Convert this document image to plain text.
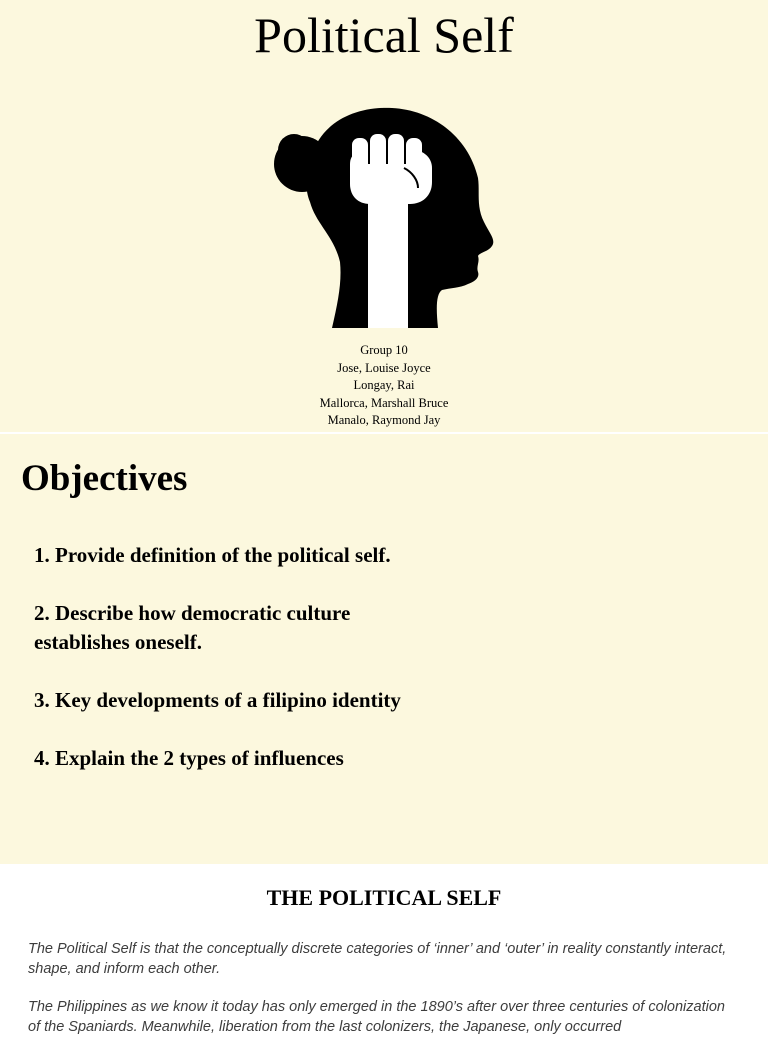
Political Self
Group 10
Jose, Louise Joyce
Longay, Rai
Mallorca, Marshall Bruce
Manalo, Raymond Jay
Objectives
1. Provide definition of the political self.
2. Describe how democratic culture establishes oneself.
3. Key developments of a filipino identity
4. Explain the 2 types of influences
THE POLITICAL SELF
The Political Self is that the conceptually discrete categories of ‘inner’ and ‘outer’ in reality constantly interact, shape, and inform each other.
The Philippines as we know it today has only emerged in the 1890’s after over three centuries of colonization of the Spaniards. Meanwhile, liberation from the last colonizers, the Japanese, only occurred
